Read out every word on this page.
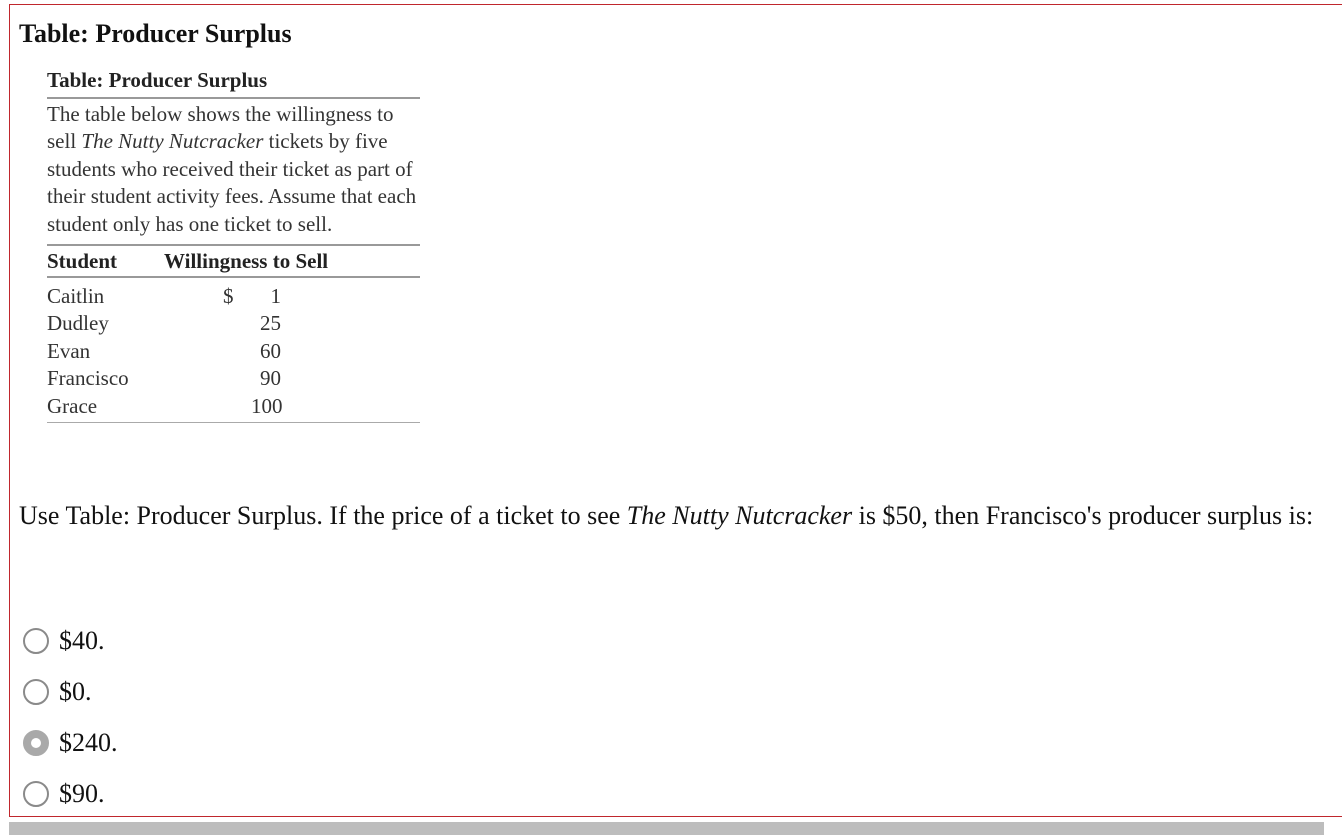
Table: Producer Surplus
Table: Producer Surplus
The table below shows the willingness to sell The Nutty Nutcracker tickets by five students who received their ticket as part of their student activity fees. Assume that each student only has one ticket to sell.
Student	Willingness to Sell
Caitlin	$ 1
Dudley	25
Evan	60
Francisco	90
Grace	100

Use Table: Producer Surplus. If the price of a ticket to see The Nutty Nutcracker is $50, then Francisco's producer surplus is:

$40.
$0.
$240.
$90.
